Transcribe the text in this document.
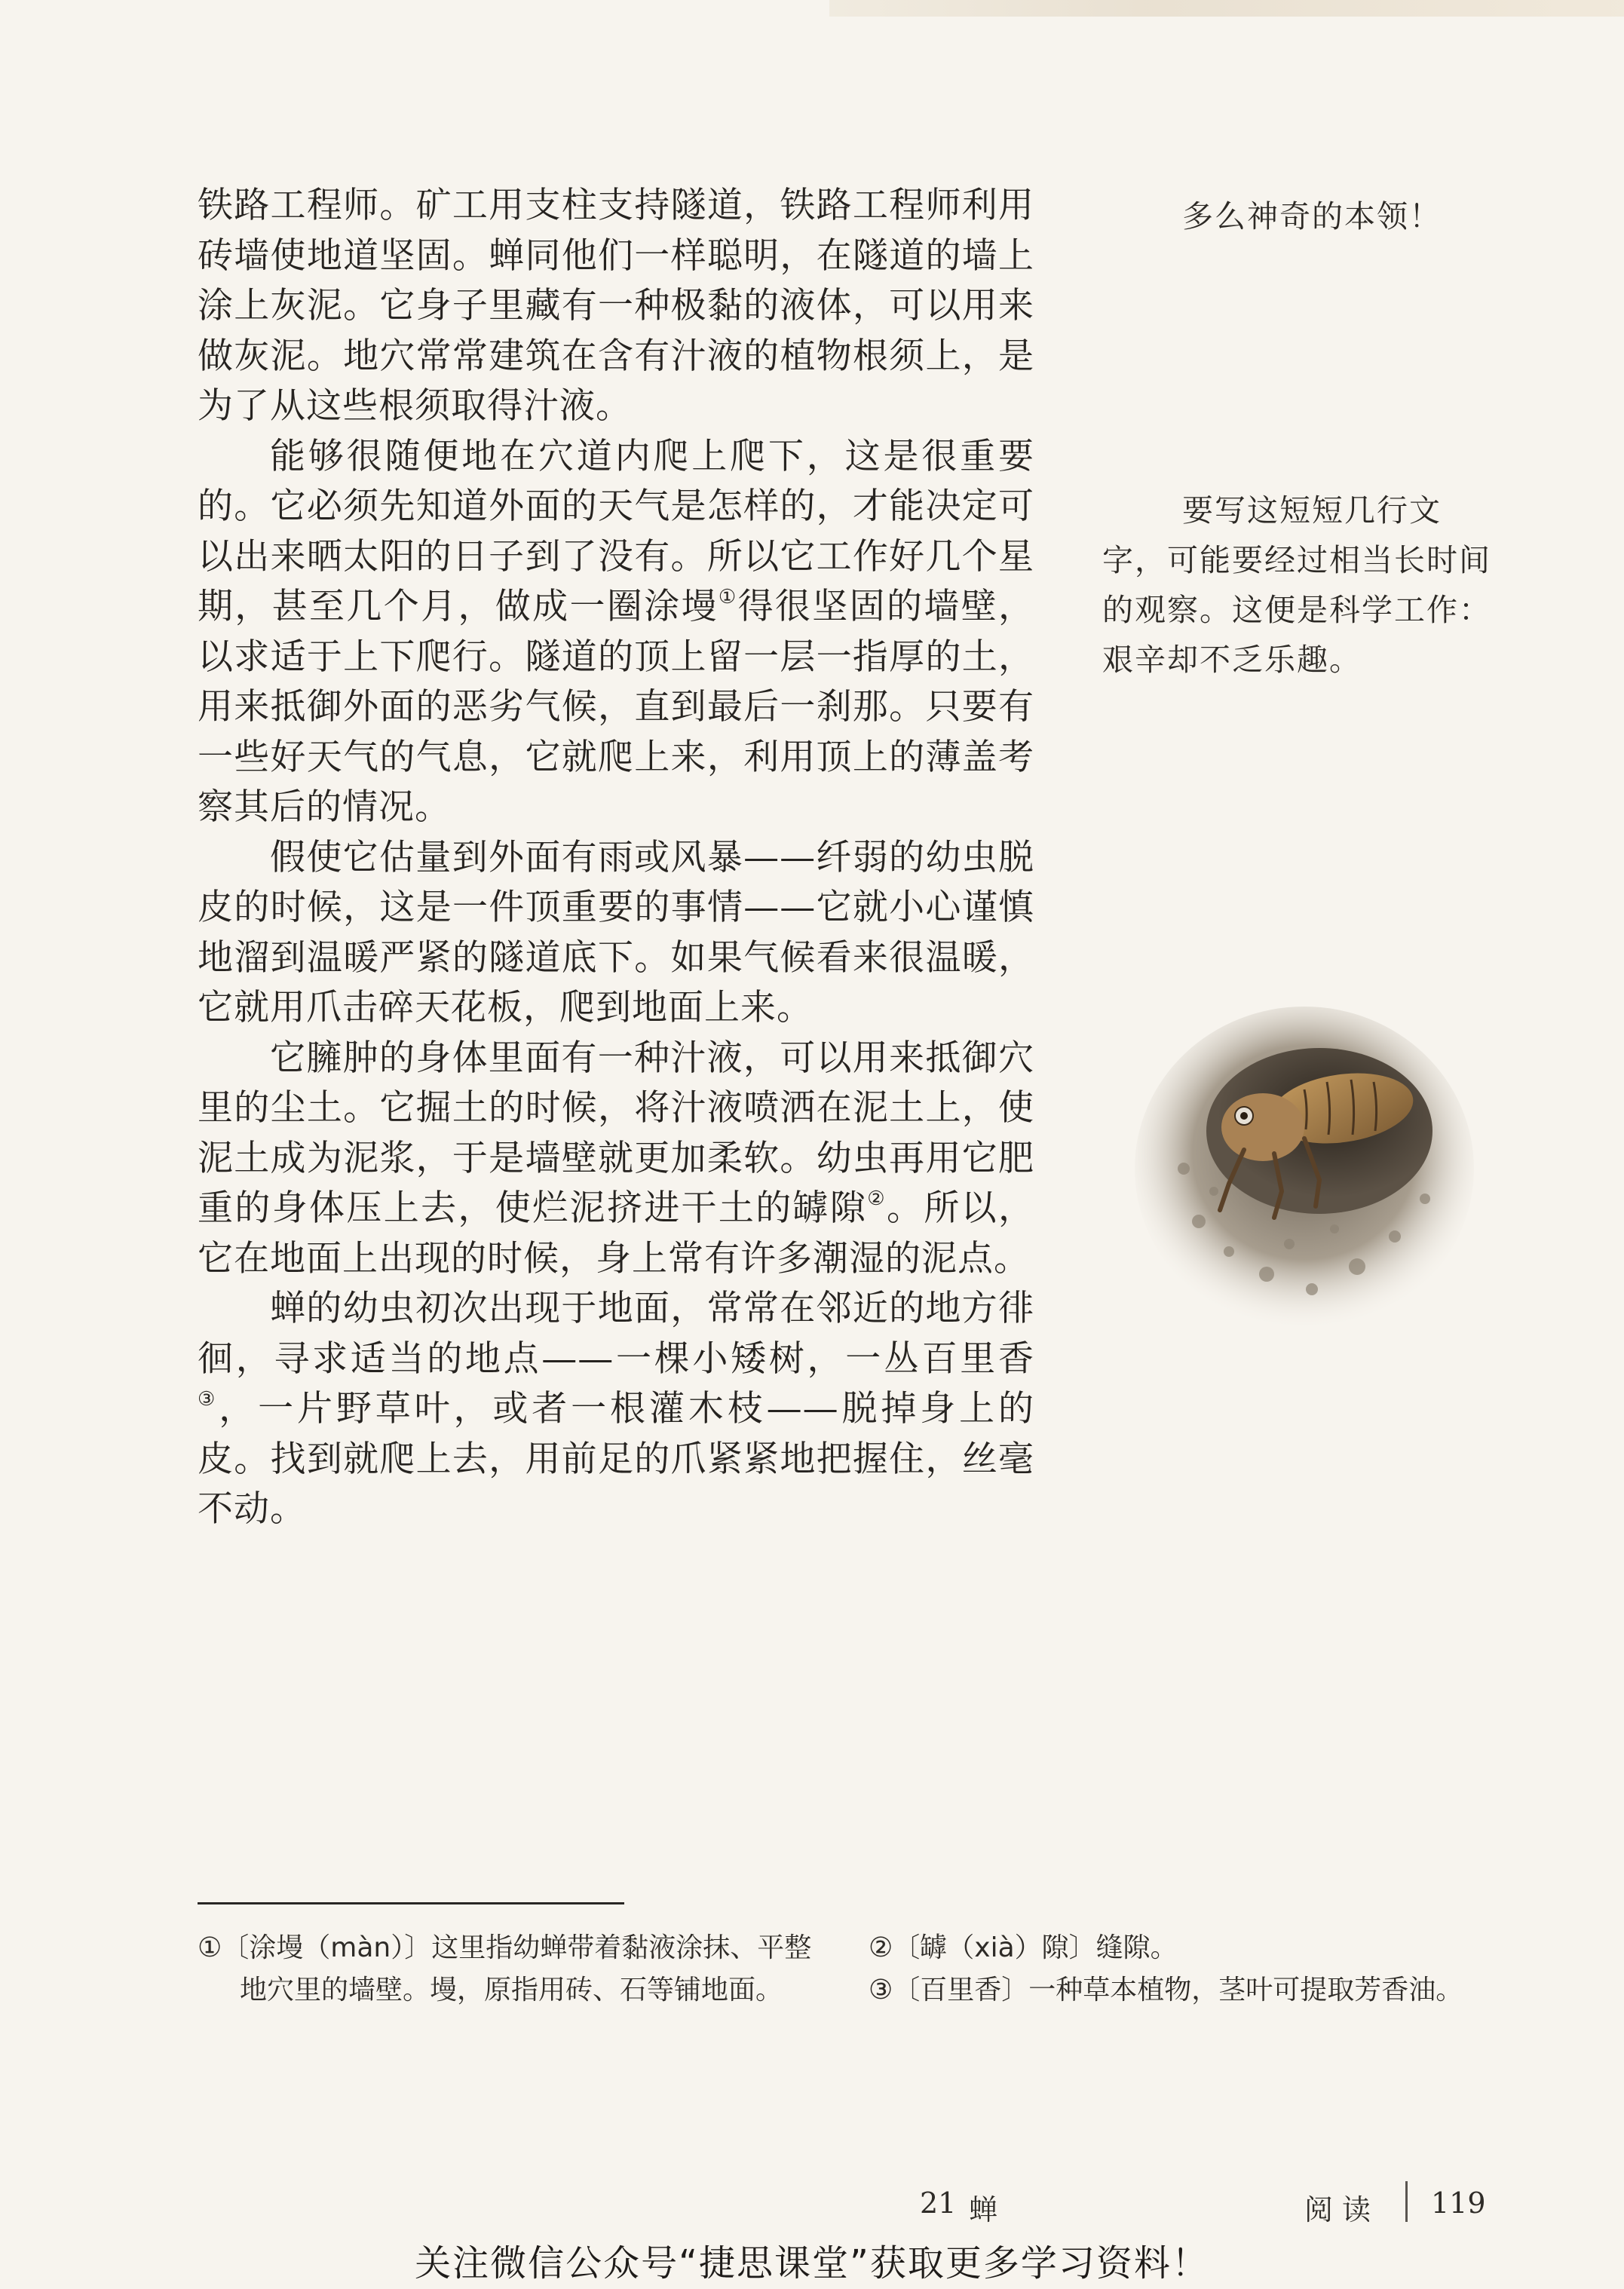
铁路工程师。矿工用支柱支持隧道，铁路工程师利用砖墙使地道坚固。蝉同他们一样聪明，在隧道的墙上涂上灰泥。它身子里藏有一种极黏的液体，可以用来做灰泥。地穴常常建筑在含有汁液的植物根须上，是为了从这些根须取得汁液。

能够很随便地在穴道内爬上爬下，这是很重要的。它必须先知道外面的天气是怎样的，才能决定可以出来晒太阳的日子到了没有。所以它工作好几个星期，甚至几个月，做成一圈涂墁①得很坚固的墙壁，以求适于上下爬行。隧道的顶上留一层一指厚的土，用来抵御外面的恶劣气候，直到最后一刹那。只要有一些好天气的气息，它就爬上来，利用顶上的薄盖考察其后的情况。

假使它估量到外面有雨或风暴——纤弱的幼虫脱皮的时候，这是一件顶重要的事情——它就小心谨慎地溜到温暖严紧的隧道底下。如果气候看来很温暖，它就用爪击碎天花板，爬到地面上来。

它臃肿的身体里面有一种汁液，可以用来抵御穴里的尘土。它掘土的时候，将汁液喷洒在泥土上，使泥土成为泥浆，于是墙壁就更加柔软。幼虫再用它肥重的身体压上去，使烂泥挤进干土的罅隙②。所以，它在地面上出现的时候，身上常有许多潮湿的泥点。

蝉的幼虫初次出现于地面，常常在邻近的地方徘徊，寻求适当的地点——一棵小矮树，一丛百里香③，一片野草叶，或者一根灌木枝——脱掉身上的皮。找到就爬上去，用前足的爪紧紧地把握住，丝毫不动。

多么神奇的本领！
要写这短短几行文字，可能要经过相当长时间的观察。这便是科学工作：艰辛却不乏乐趣。

①〔涂墁（màn）〕这里指幼蝉带着黏液涂抹、平整地穴里的墙壁。墁，原指用砖、石等铺地面。

②〔罅（xià）隙〕缝隙。

③〔百里香〕一种草本植物，茎叶可提取芳香油。

21 蝉	阅读 119
关注微信公众号“捷思课堂”获取更多学习资料！
